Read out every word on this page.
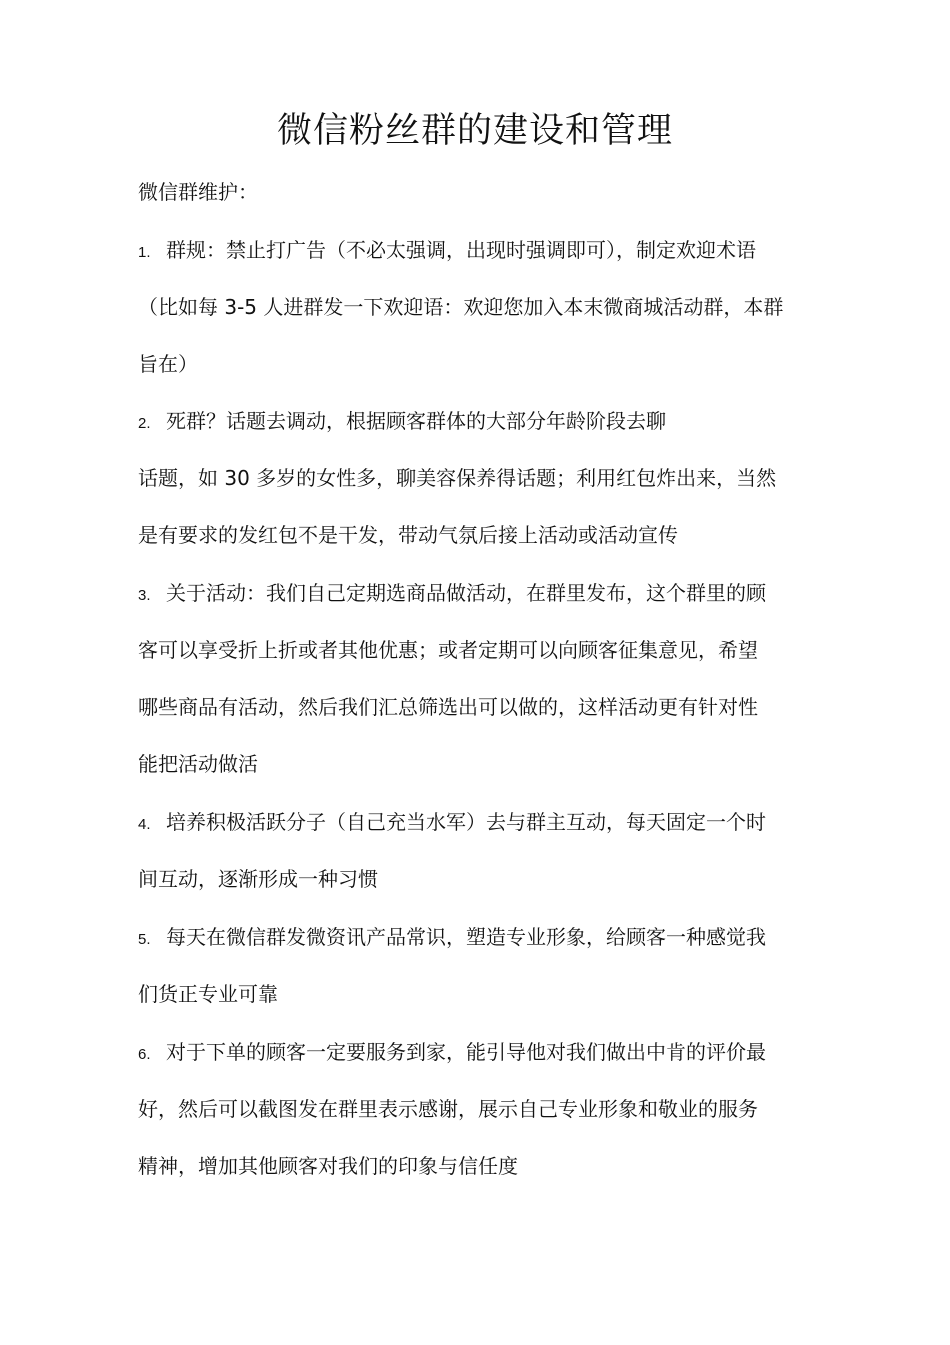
微信粉丝群的建设和管理
微信群维护：
1. 群规：禁止打广告（不必太强调，出现时强调即可），制定欢迎术语
（比如每 3-5 人进群发一下欢迎语：欢迎您加入本末微商城活动群，本群
旨在）
2. 死群？话题去调动，根据顾客群体的大部分年龄阶段去聊
话题，如 30 多岁的女性多，聊美容保养得话题；利用红包炸出来，当然
是有要求的发红包不是干发，带动气氛后接上活动或活动宣传
3. 关于活动：我们自己定期选商品做活动，在群里发布，这个群里的顾
客可以享受折上折或者其他优惠；或者定期可以向顾客征集意见，希望
哪些商品有活动，然后我们汇总筛选出可以做的，这样活动更有针对性
能把活动做活
4. 培养积极活跃分子（自己充当水军）去与群主互动，每天固定一个时
间互动，逐渐形成一种习惯
5. 每天在微信群发微资讯产品常识，塑造专业形象，给顾客一种感觉我
们货正专业可靠
6. 对于下单的顾客一定要服务到家，能引导他对我们做出中肯的评价最
好，然后可以截图发在群里表示感谢，展示自己专业形象和敬业的服务
精神，增加其他顾客对我们的印象与信任度
